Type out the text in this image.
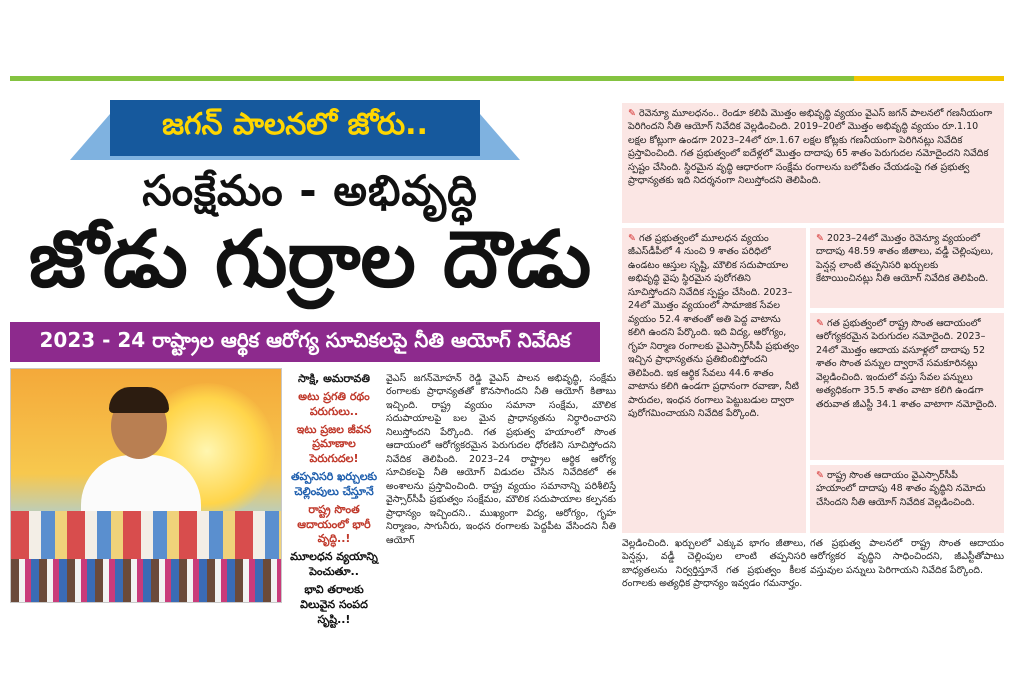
జగన్ పాలనలో జోరు..
సంక్షేమం - అభివృద్ధి
జోడు గుర్రాల దౌడు
2023 - 24 రాష్ట్రాల ఆర్థిక ఆరోగ్య సూచికలపై నీతి ఆయోగ్ నివేదిక
సాక్షి, అమరావతి
అటు ప్రగతి రథం పరుగులు..
ఇటు ప్రజల జీవన ప్రమాణాల పెరుగుదల!
తప్పనిసరి ఖర్చులకు చెల్లింపులు చేస్తూనే
రాష్ట్ర సొంత ఆదాయంలో భారీ వృద్ధి..!
మూలధన వ్యయాన్ని పెంచుతూ..
భావి తరాలకు విలువైన సంపద సృష్టి..!
వైఎస్ జగన్‌మోహన్ రెడ్డి వైఎస్ పాలన అభివృద్ధి, సంక్షేమ రంగాలకు ప్రాధాన్యతతో కొనసాగిందని నీతి ఆయోగ్ కితాబు ఇచ్చింది. రాష్ట్ర వ్యయం సమానా సంక్షేమ, మౌలిక సదుపాయాలపై బల మైన ప్రాధాన్యతను నిర్ధారించారని నిలుస్తోందని పేర్కొంది. గత ప్రభుత్వ హయాంలో సొంత ఆదాయంలో ఆరోగ్యకరమైన పెరుగుదల ధోరణిని సూచిస్తోందని నివేదిక తెలిపింది. 2023–24 రాష్ట్రాల ఆర్థిక ఆరోగ్య సూచికలపై నీతి ఆయోగ్ విడుదల చేసిన నివేదికలో ఈ అంశాలను ప్రస్తావించింది. రాష్ట్ర వ్యయం సమానాన్ని పరిశీలిస్తే వైస్సార్‌సీపీ ప్రభుత్వం సంక్షేమం, మౌలిక సదుపాయాల కల్పనకు ప్రాధాన్యం ఇచ్చిందని.. ముఖ్యంగా విద్య, ఆరోగ్యం, గృహ నిర్మాణం, సాగునీరు, ఇంధన రంగాలకు పెద్దపీట వేసిందని నీతి ఆయోగ్
✎ రెవెన్యూ మూలధనం.. రెండూ కలిపి మొత్తం అభివృద్ధి వ్యయం వైఎస్ జగన్ పాలనలో గణనీయంగా పెరిగిందని నీతి ఆయోగ్ నివేదిక వెల్లడించింది. 2019–20లో మొత్తం అభివృద్ధి వ్యయం రూ.1.10 లక్షల కోట్లుగా ఉండగా 2023–24లో రూ.1.67 లక్షల కోట్లకు గణనీయంగా పెరిగినట్లు నివేదిక ప్రస్తావించింది. గత ప్రభుత్వంలో ఐదేళ్లలో మొత్తం దాదాపు 65 శాతం పెరుగుదల నమోదైందని నివేదిక స్పష్టం చేసింది. స్థిరమైన వృద్ధి ఆధారంగా సంక్షేమ రంగాలను బలోపేతం చేయడంపై గత ప్రభుత్వ ప్రాధాన్యతకు ఇది నిదర్శనంగా నిలుస్తోందని తెలిపింది.
✎ గత ప్రభుత్వంలో మూలధన వ్యయం జీఎస్‌డీపీలో 4 నుంచి 9 శాతం పరిధిలో ఉండటం ఆస్తుల సృష్టి, మౌలిక సదుపాయాల అభివృద్ధి వైపు స్థిరమైన పురోగతిని సూచిస్తోందని నివేదిక స్పష్టం చేసింది. 2023–24లో మొత్తం వ్యయంలో సామాజిక సేవల వ్యయం 52.4 శాతంతో అతి పెద్ద వాటాను కలిగి ఉందని పేర్కొంది. ఇది విద్య, ఆరోగ్యం, గృహ నిర్మాణ రంగాలకు వైఎస్సార్‌సీపీ ప్రభుత్వం ఇచ్చిన ప్రాధాన్యతను ప్రతిబింబిస్తోందని తెలిపింది. ఇక ఆర్థిక సేవలు 44.6 శాతం వాటాను కలిగి ఉండగా ప్రధానంగా రవాణా, నీటి పారుదల, ఇంధన రంగాలు పెట్టుబడుల ద్వారా పురోగమించాయని నివేదిక పేర్కొంది.
✎ 2023–24లో మొత్తం రెవెన్యూ వ్యయంలో దాదాపు 48.59 శాతం జీతాలు, వడ్డీ చెల్లింపులు, పెన్షన్ల లాంటి తప్పనిసరి ఖర్చులకు కేటాయించినట్లు నీతి ఆయోగ్ నివేదిక తెలిపింది.
✎ గత ప్రభుత్వంలో రాష్ట్ర సొంత ఆదాయంలో ఆరోగ్యకరమైన పెరుగుదల నమోదైంది. 2023–24లో మొత్తం ఆదాయ వసూళ్లలో దాదాపు 52 శాతం సొంత పన్నుల ద్వారానే సమకూరినట్లు వెల్లడించింది. ఇందులో వస్తు సేవల పన్నులు అత్యధికంగా 35.5 శాతం వాటా కలిగి ఉండగా తరువాత జీఎస్టీ 34.1 శాతం వాటాగా నమోదైంది.
✎ రాష్ట్ర సొంత ఆదాయం వైఎస్సార్‌సీపీ హయాంలో దాదాపు 48 శాతం వృద్ధిని నమోదు చేసిందని నీతి ఆయోగ్ నివేదిక వెల్లడించింది.
వెల్లడించింది. ఖర్చులలో ఎక్కువ భాగం జీతాలు, పెన్షన్లు, వడ్డీ చెల్లింపుల లాంటి తప్పనిసరి బాధ్యతలను నిర్వర్తిస్తూనే గత ప్రభుత్వం కీలక రంగాలకు అత్యధిక ప్రాధాన్యం ఇవ్వడం గమనార్హం.
గత ప్రభుత్వ పాలనలో రాష్ట్ర సొంత ఆదాయం ఆరోగ్యకర వృద్ధిని సాధించిందని, జీఎస్టీతోపాటు వస్తువుల పన్నులు పెరిగాయని నివేదిక పేర్కొంది.
